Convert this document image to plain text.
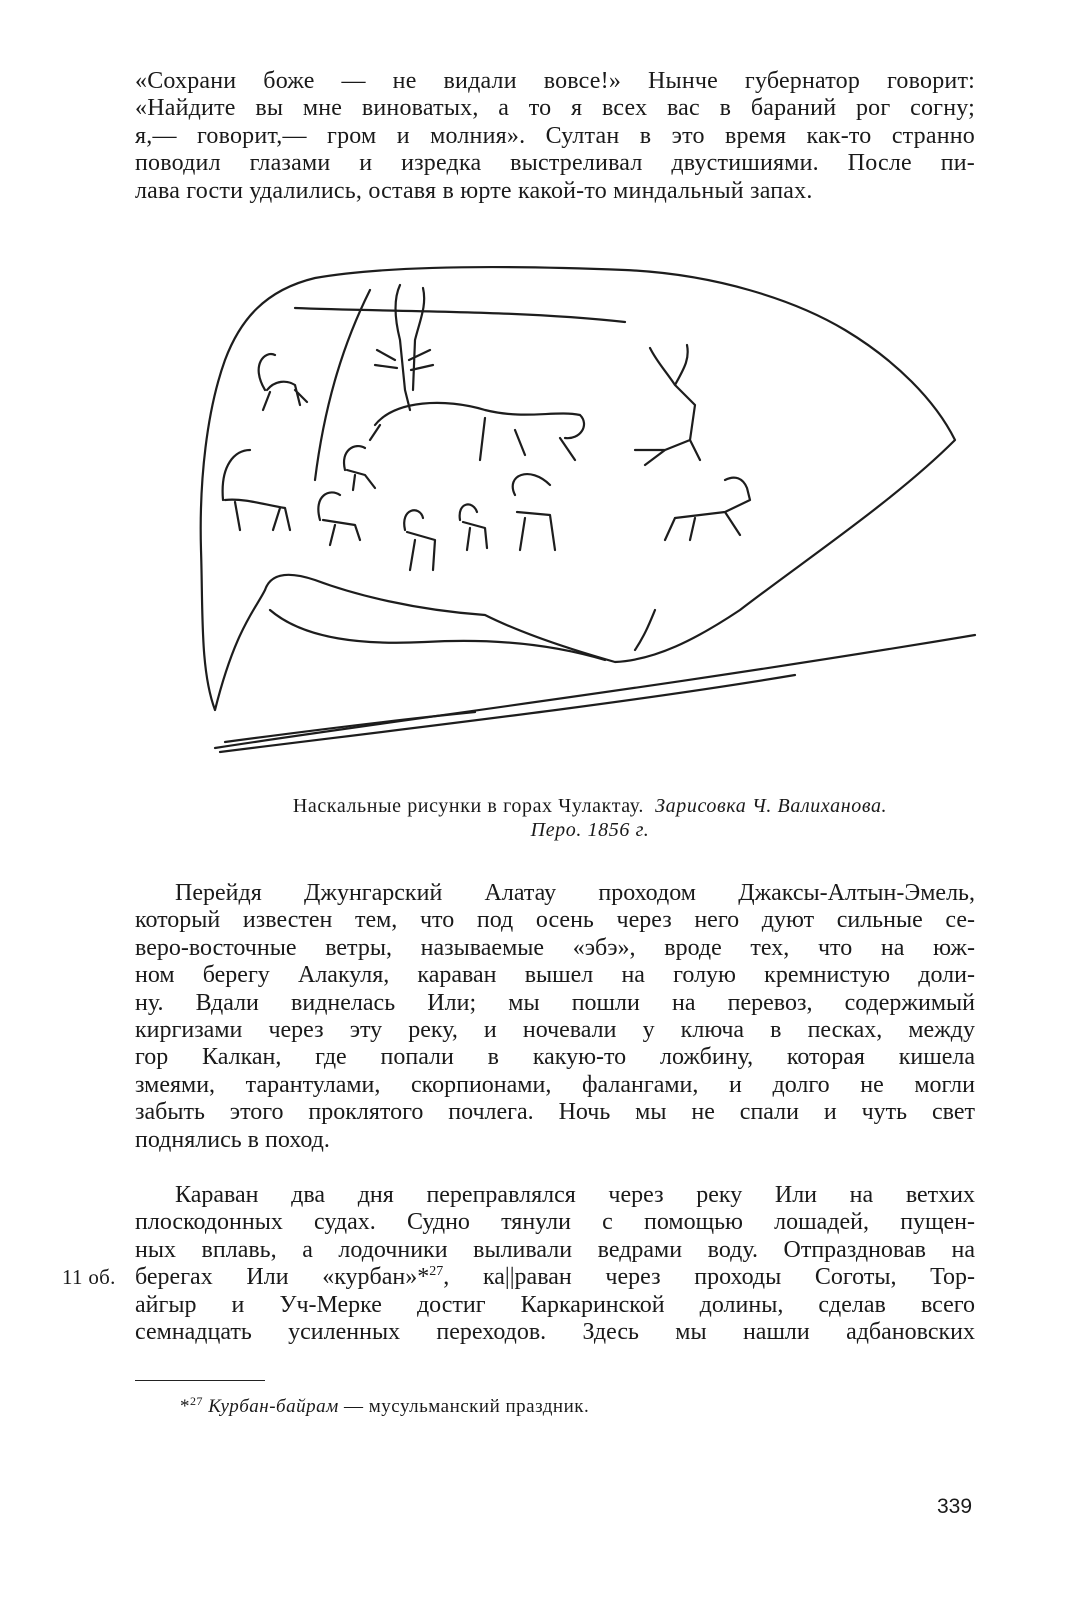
«Сохрани боже — не видали вовсе!» Нынче губернатор говорит:
«Найдите вы мне виноватых, а то я всех вас в бараний рог согну;
я,— говорит,— гром и молния». Султан в это время как-то странно
поводил глазами и изредка выстреливал двустишиями. После пи-
лава гости удалились, оставя в юрте какой-то миндальный запах.
Наскальные рисунки в горах Чулактау. Зарисовка Ч. Валиханова.
Перо. 1856 г.
Перейдя Джунгарский Алатау проходом Джаксы-Алтын-Эмель,
который известен тем, что под осень через него дуют сильные се-
веро-восточные ветры, называемые «эбэ», вроде тех, что на юж-
ном берегу Алакуля, караван вышел на голую кремнистую доли-
ну. Вдали виднелась Или; мы пошли на перевоз, содержимый
киргизами через эту реку, и ночевали у ключа в песках, между
гор Калкан, где попали в какую-то ложбину, которая кишела
змеями, тарантулами, скорпионами, фалангами, и долго не могли
забыть этого проклятого почлега. Ночь мы не спали и чуть свет
поднялись в поход.
Караван два дня переправлялся через реку Или на ветхих
плоскодонных судах. Судно тянули с помощью лошадей, пущен-
ных вплавь, а лодочники выливали ведрами воду. Отпраздновав на
берегах Или «курбан»*$^{27}$, ка||раван через проходы Соготы, Тор-
айгыр и Уч-Мерке достиг Каркаринской долины, сделав всего
семнадцать усиленных переходов. Здесь мы нашли адбановских
11 об.
*$^{27}$ Курбан-байрам — мусульманский праздник.
339
